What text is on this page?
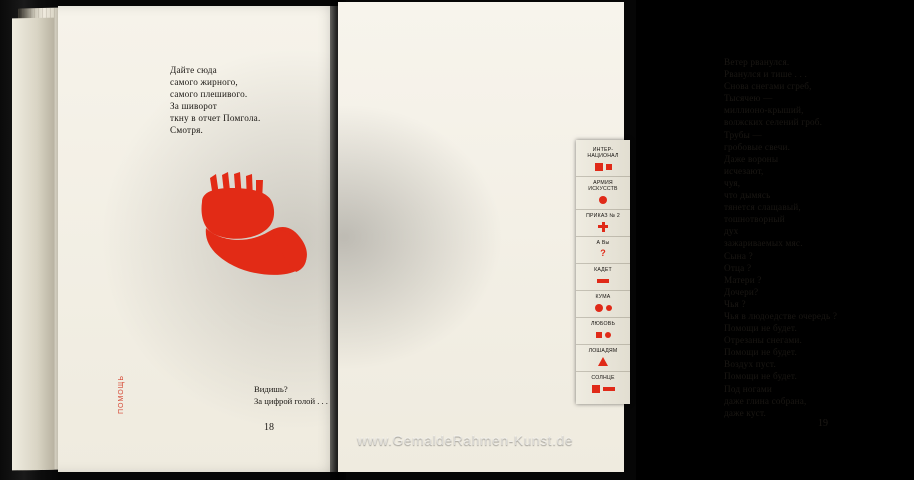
ПОМОЩЬ
Дайте сюда
самого жирного,
самого плешивого.
За шиворот
ткну в отчет Помгола.
Смотря.
Видишь?
За цифрой голой . . .
18
Ветер рванулся.
Рванулся и тише . . .
Снова снегами сгреб,
Тысячею —
миллионо-крыший,
волжских селений гроб.
Трубы —
гробовые свечи.
Даже вороны
исчезают,
чуя,
что дымясь
тянется слащавый,
тошнотворный
дух
зажариваемых мяс.
Сына ?
Отца ?
Матери ?
Дочери?
Чья ?
Чья в людоедстве очередь ?
Помощи не будет.
Отрезаны снегами.
Помощи не будет.
Воздух пуст.
Помощи не будет.
Под ногами
даже глина собрана,
даже куст.
19
ИНТЕР-
НАЦИОНАЛ
АРМИЯ
ИСКУССТВ
ПРИКАЗ № 2
А Вы
?
КАДЕТ
КУМА
ЛЮБОВЬ
ЛОШАДЯМ
СОЛНЦЕ
www.GemaldeRahmen-Kunst.de
